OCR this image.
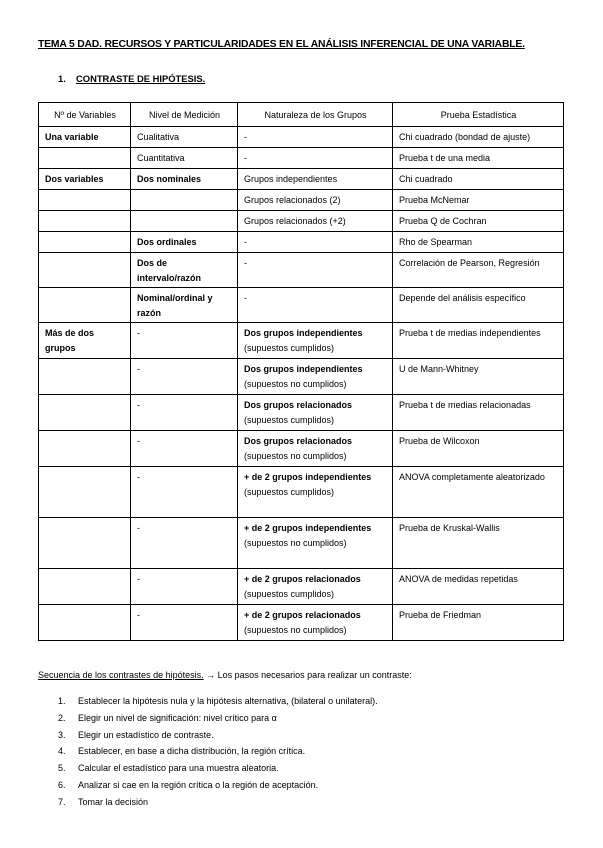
TEMA 5 DAD. RECURSOS Y PARTICULARIDADES EN EL ANÁLISIS INFERENCIAL DE UNA VARIABLE.
1. CONTRASTE DE HIPÓTESIS.
Nº de Variables	Nivel de Medición	Naturaleza de los Grupos	Prueba Estadística
Una variable	Cualitativa	-	Chi cuadrado (bondad de ajuste)
	Cuantitativa	-	Prueba t de una media
Dos variables	Dos nominales	Grupos independientes	Chi cuadrado
		Grupos relacionados (2)	Prueba McNemar
		Grupos relacionados (+2)	Prueba Q de Cochran
	Dos ordinales	-	Rho de Spearman
	Dos de intervalo/razón	-	Correlación de Pearson, Regresión
	Nominal/ordinal y razón	-	Depende del análisis específico
Más de dos grupos	-	Dos grupos independientes (supuestos cumplidos)	Prueba t de medias independientes
	-	Dos grupos independientes (supuestos no cumplidos)	U de Mann-Whitney
	-	Dos grupos relacionados (supuestos cumplidos)	Prueba t de medias relacionadas
	-	Dos grupos relacionados (supuestos no cumplidos)	Prueba de Wilcoxon
	-	+ de 2 grupos independientes (supuestos cumplidos)	ANOVA completamente aleatorizado
	-	+ de 2 grupos independientes (supuestos no cumplidos)	Prueba de Kruskal-Wallis
	-	+ de 2 grupos relacionados (supuestos cumplidos)	ANOVA de medidas repetidas
	-	+ de 2 grupos relacionados (supuestos no cumplidos)	Prueba de Friedman
Secuencia de los contrastes de hipótesis. → Los pasos necesarios para realizar un contraste:
1. Establecer la hipótesis nula y la hipótesis alternativa, (bilateral o unilateral).
2. Elegir un nivel de significación: nivel crítico para α
3. Elegir un estadístico de contraste.
4. Establecer, en base a dicha distribución, la región crítica.
5. Calcular el estadístico para una muestra aleatoria.
6. Analizar si cae en la región crítica o la región de aceptación.
7. Tomar la decisión
